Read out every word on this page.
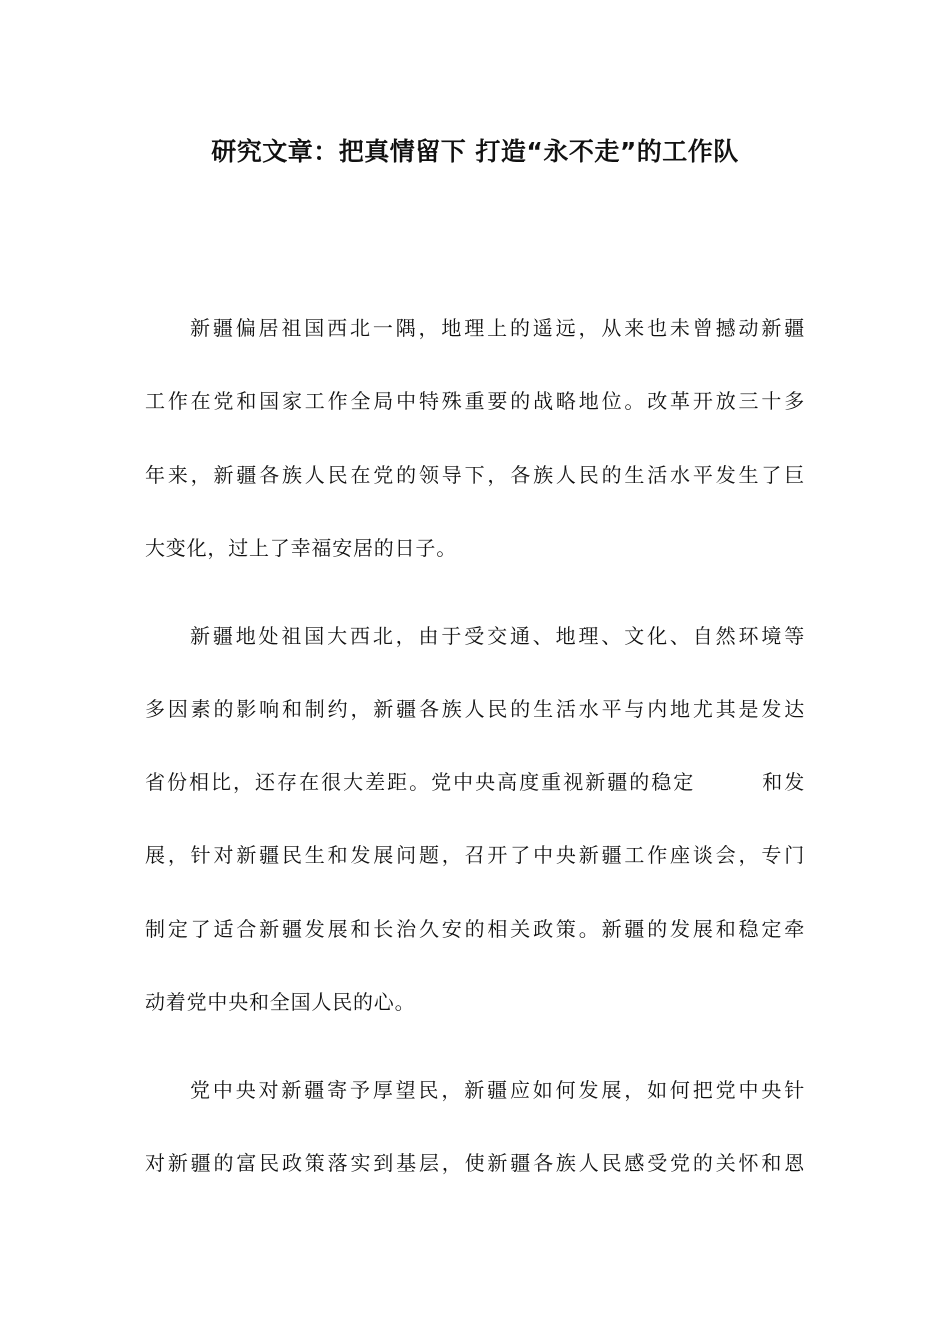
研究文章：把真情留下 打造“永不走”的工作队
新疆偏居祖国西北一隅，地理上的遥远，从来也未曾撼动新疆
工作在党和国家工作全局中特殊重要的战略地位。改革开放三十多
年来，新疆各族人民在党的领导下，各族人民的生活水平发生了巨
大变化，过上了幸福安居的日子。
新疆地处祖国大西北，由于受交通、地理、文化、自然环境等
多因素的影响和制约，新疆各族人民的生活水平与内地尤其是发达
省份相比，还存在很大差距。党中央高度重视新疆的稳定        和发
展，针对新疆民生和发展问题，召开了中央新疆工作座谈会，专门
制定了适合新疆发展和长治久安的相关政策。新疆的发展和稳定牵
动着党中央和全国人民的心。
党中央对新疆寄予厚望民，新疆应如何发展，如何把党中央针
对新疆的富民政策落实到基层，使新疆各族人民感受党的关怀和恩
